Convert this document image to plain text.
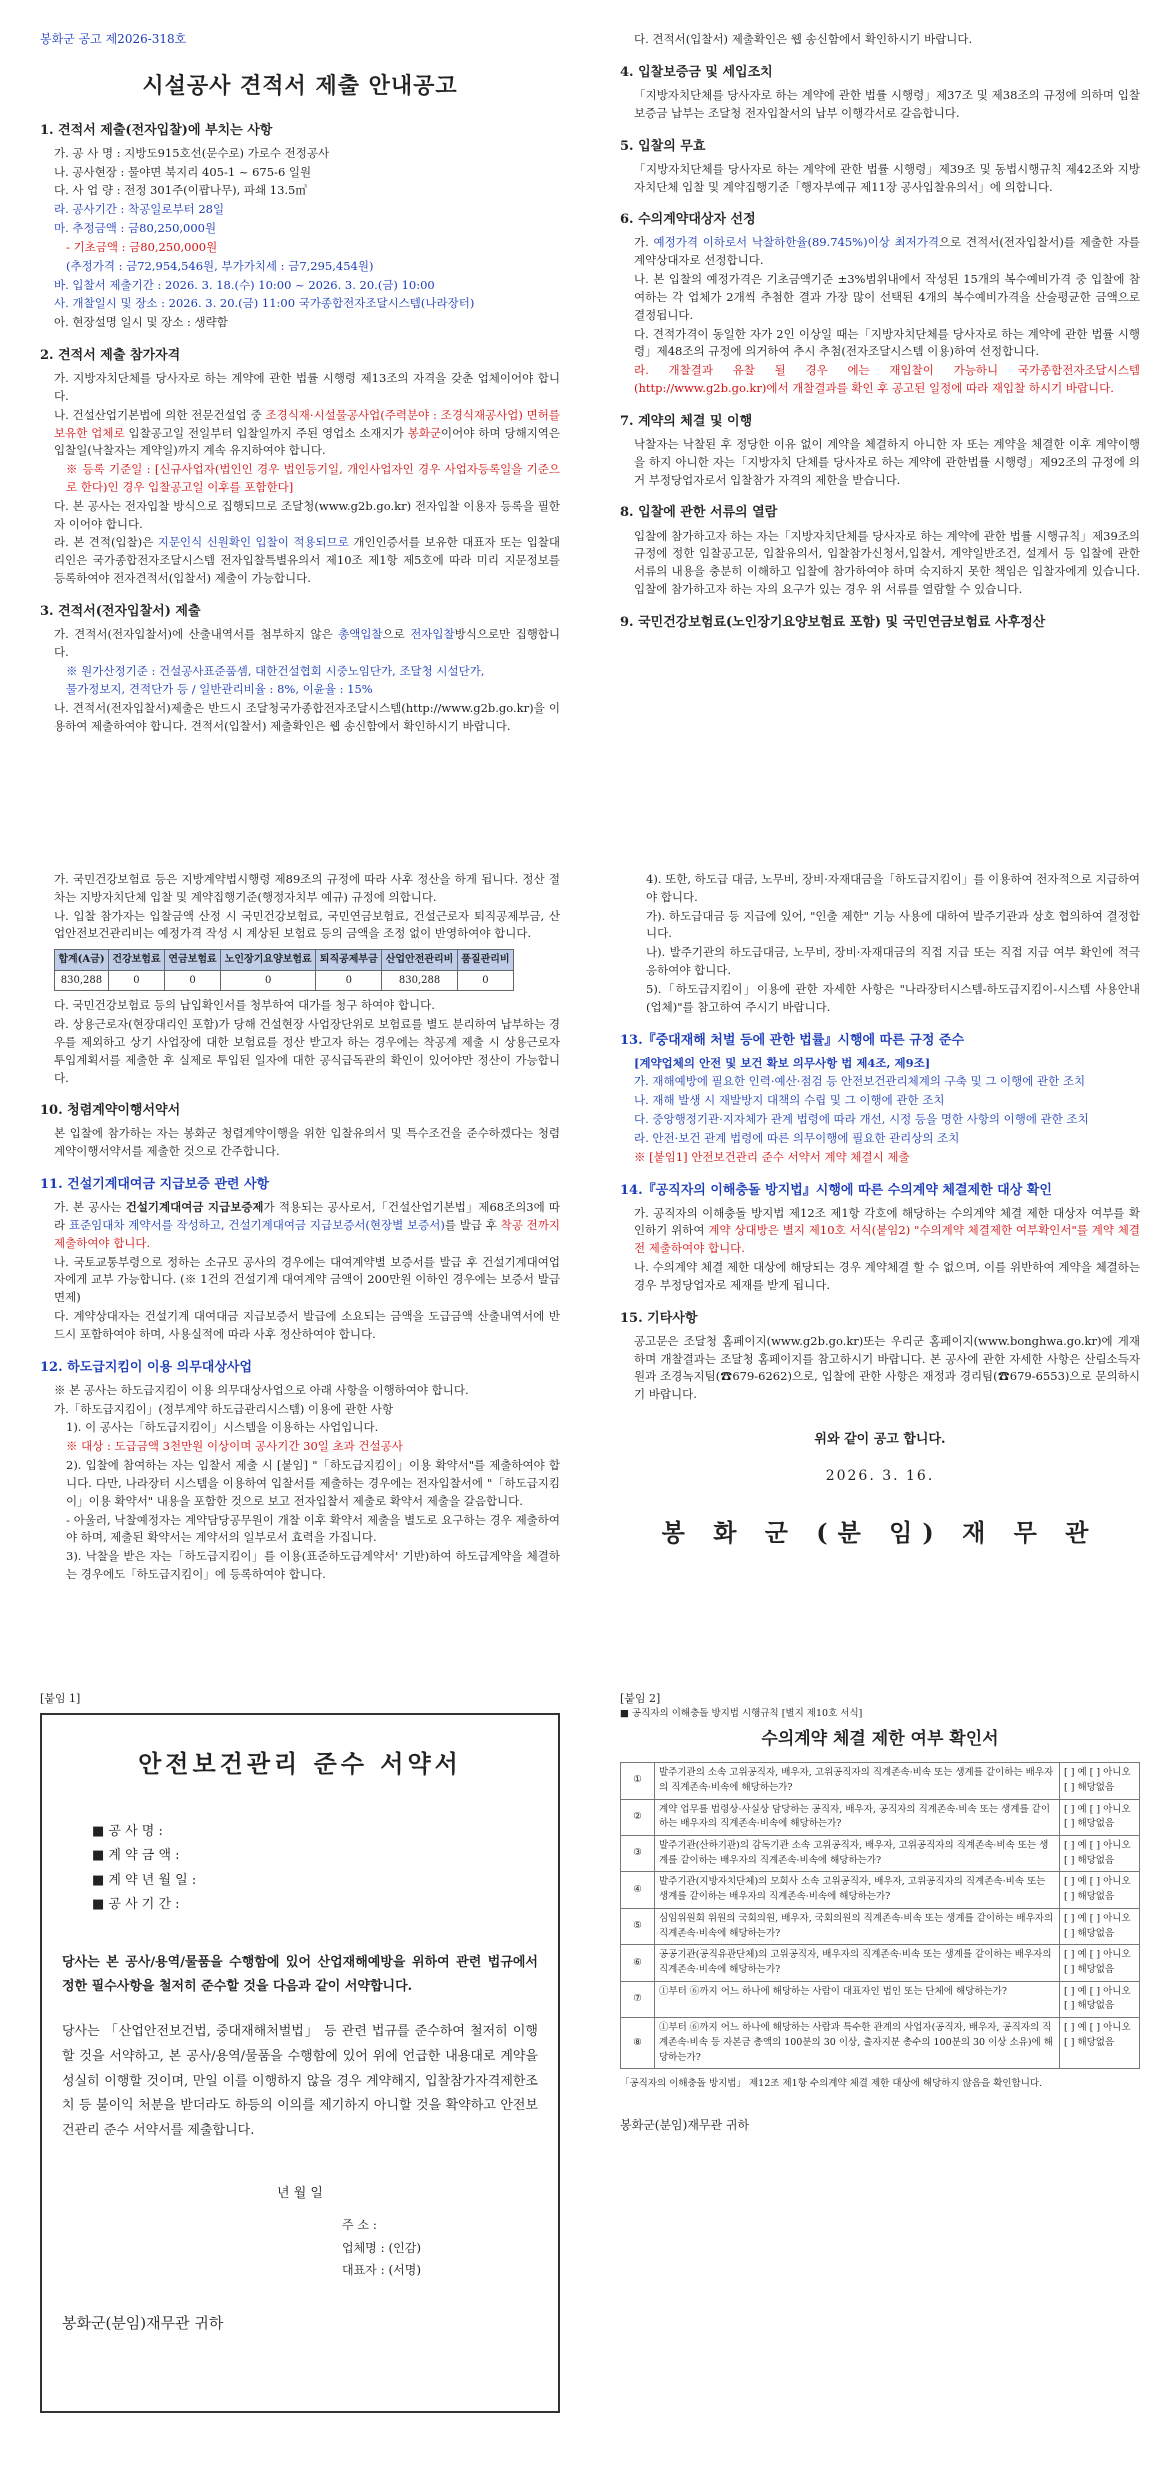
봉화군 공고 제2026-318호
시설공사 견적서 제출 안내공고
1. 견적서 제출(전자입찰)에 부치는 사항

가. 공 사 명 : 지방도915호선(문수로) 가로수 전정공사

나. 공사현장 : 물야면 북지리 405-1 ~ 675-6 일원

다. 사 업 량 : 전정 301주(이팝나무), 파쇄 13.5㎥

라. 공사기간 : 착공일로부터 28일

마. 추정금액 : 금80,250,000원

- 기초금액 : 금80,250,000원

(추정가격 : 금72,954,546원, 부가가치세 : 금7,295,454원)

바. 입찰서 제출기간 : 2026. 3. 18.(수) 10:00 ~ 2026. 3. 20.(금) 10:00

사. 개찰일시 및 장소 : 2026. 3. 20.(금) 11:00 국가종합전자조달시스템(나라장터)

아. 현장설명 일시 및 장소 : 생략함

2. 견적서 제출 참가자격

가. 지방자치단체를 당사자로 하는 계약에 관한 법률 시행령 제13조의 자격을 갖춘 업체이어야 합니다.

나. 건설산업기본법에 의한 전문건설업 중 조경식재·시설물공사업(주력분야 : 조경식재공사업) 면허를 보유한 업체로 입찰공고일 전일부터 입찰일까지 주된 영업소 소재지가 봉화군이어야 하며 당해지역은 입찰일(낙찰자는 계약일)까지 계속 유지하여야 합니다.

※ 등록 기준일 : [신규사업자(법인인 경우 법인등기일, 개인사업자인 경우 사업자등록일을 기준으로 한다)인 경우 입찰공고일 이후를 포함한다]

다. 본 공사는 전자입찰 방식으로 집행되므로 조달청(www.g2b.go.kr) 전자입찰 이용자 등록을 필한 자 이어야 합니다.

라. 본 견적(입찰)은 지문인식 신원확인 입찰이 적용되므로 개인인증서를 보유한 대표자 또는 입찰대리인은 국가종합전자조달시스템 전자입찰특별유의서 제10조 제1항 제5호에 따라 미리 지문정보를 등록하여야 전자견적서(입찰서) 제출이 가능합니다.

3. 견적서(전자입찰서) 제출

가. 견적서(전자입찰서)에 산출내역서를 첨부하지 않은 총액입찰으로 전자입찰방식으로만 집행합니다.

※ 원가산정기준 : 건설공사표준품셈, 대한건설협회 시중노임단가, 조달청 시설단가,

물가정보지, 견적단가 등 / 일반관리비율 : 8%, 이윤율 : 15%

나. 견적서(전자입찰서)제출은 반드시 조달청국가종합전자조달시스템(http://www.g2b.go.kr)을 이용하여 제출하여야 합니다. 견적서(입찰서) 제출확인은 웹 송신함에서 확인하시기 바랍니다.

다. 견적서(입찰서) 제출확인은 웹 송신함에서 확인하시기 바랍니다.

4. 입찰보증금 및 세입조치

「지방자치단체를 당사자로 하는 계약에 관한 법률 시행령」제37조 및 제38조의 규정에 의하며 입찰보증금 납부는 조달청 전자입찰서의 납부 이행각서로 갈음합니다.

5. 입찰의 무효

「지방자치단체를 당사자로 하는 계약에 관한 법률 시행령」제39조 및 동법시행규칙 제42조와 지방자치단체 입찰 및 계약집행기준「행자부예규 제11장 공사입찰유의서」에 의합니다.

6. 수의계약대상자 선정

가. 예정가격 이하로서 낙찰하한율(89.745%)이상 최저가격으로 견적서(전자입찰서)를 제출한 자를 계약상대자로 선정합니다.

나. 본 입찰의 예정가격은 기초금액기준 ±3%범위내에서 작성된 15개의 복수예비가격 중 입찰에 참여하는 각 업체가 2개씩 추첨한 결과 가장 많이 선택된 4개의 복수예비가격을 산술평균한 금액으로 결정됩니다.

다. 견적가격이 동일한 자가 2인 이상일 때는「지방자치단체를 당사자로 하는 계약에 관한 법률 시행령」제48조의 규정에 의거하여 추시 추첨(전자조달시스템 이용)하여 선정합니다.

라. 개찰결과 유찰 될 경우 에는 재입찰이 가능하니 국가종합전자조달시스템(http://www.g2b.go.kr)에서 개찰결과를 확인 후 공고된 일정에 따라 재입찰 하시기 바랍니다.

7. 계약의 체결 및 이행

낙찰자는 낙찰된 후 정당한 이유 없이 계약을 체결하지 아니한 자 또는 계약을 체결한 이후 계약이행을 하지 아니한 자는「지방자치 단체를 당사자로 하는 계약에 관한법률 시행령」제92조의 규정에 의거 부정당업자로서 입찰참가 자격의 제한을 받습니다.

8. 입찰에 관한 서류의 열람

입찰에 참가하고자 하는 자는「지방자치단체를 당사자로 하는 계약에 관한 법률 시행규칙」제39조의 규정에 정한 입찰공고문, 입찰유의서, 입찰참가신청서,입찰서, 계약일반조건, 설계서 등 입찰에 관한 서류의 내용을 충분히 이해하고 입찰에 참가하여야 하며 숙지하지 못한 책임은 입찰자에게 있습니다. 입찰에 참가하고자 하는 자의 요구가 있는 경우 위 서류를 열람할 수 있습니다.

9. 국민건강보험료(노인장기요양보험료 포함) 및 국민연금보험료 사후정산

가. 국민건강보험료 등은 지방계약법시행령 제89조의 규정에 따라 사후 정산을 하게 됩니다. 정산 절차는 지방자치단체 입찰 및 계약집행기준(행정자치부 예규) 규정에 의합니다.

나. 입찰 참가자는 입찰금액 산정 시 국민건강보험료, 국민연금보험료, 건설근로자 퇴직공제부금, 산업안전보건관리비는 예정가격 작성 시 계상된 보험료 등의 금액을 조정 없이 반영하여야 합니다.

합계(A금)	건강보험료	연금보험료	노인장기요양보험료	퇴직공제부금	산업안전관리비	품질관리비
830,288	0	0	0	0	830,288	0

다. 국민건강보험료 등의 납입확인서를 청부하여 대가를 청구 하여야 합니다.

라. 상용근로자(현장대리인 포함)가 당해 건설현장 사업장단위로 보험료를 별도 분리하여 납부하는 경우를 제외하고 상기 사업장에 대한 보험료를 정산 받고자 하는 경우에는 착공계 제출 시 상용근로자 투입계획서를 제출한 후 실제로 투입된 일자에 대한 공식급독관의 확인이 있어야만 정산이 가능합니다.

10. 청렴계약이행서약서

본 입찰에 참가하는 자는 봉화군 청렴계약이행을 위한 입찰유의서 및 특수조건을 준수하겠다는 청렴계약이행서약서를 제출한 것으로 간주합니다.

11. 건설기계대여금 지급보증 관련 사항

가. 본 공사는 건설기계대여금 지급보증제가 적용되는 공사로서,「건설산업기본법」제68조의3에 따라 표준임대차 계약서를 작성하고, 건설기계대여금 지급보증서(현장별 보증서)를 발급 후 착공 전까지 제출하여야 합니다.

나. 국토교통부령으로 정하는 소규모 공사의 경우에는 대여계약별 보증서를 발급 후 건설기계대여업자에게 교부 가능합니다. (※ 1건의 건설기계 대여계약 금액이 200만원 이하인 경우에는 보증서 발급 면제)

다. 계약상대자는 건설기계 대여대금 지급보증서 발급에 소요되는 금액을 도급금액 산출내역서에 반드시 포함하여야 하며, 사용실적에 따라 사후 정산하여야 합니다.

12. 하도급지킴이 이용 의무대상사업

※ 본 공사는 하도급지킴이 이용 의무대상사업으로 아래 사항을 이행하여야 합니다.

가.「하도급지킴이」(정부계약 하도급관리시스템) 이용에 관한 사항

1). 이 공사는「하도급지킴이」시스템을 이용하는 사업입니다.

※ 대상 : 도급금액 3천만원 이상이며 공사기간 30일 초과 건설공사

2). 입찰에 참여하는 자는 입찰서 제출 시 [붙임] "「하도급지킴이」이용 확약서"를 제출하여야 합니다. 다만, 나라장터 시스템을 이용하여 입찰서를 제출하는 경우에는 전자입찰서에 "「하도급지킴이」이용 확약서" 내용을 포함한 것으로 보고 전자입찰서 제출로 확약서 제출을 갈음합니다.

- 아울러, 낙찰예정자는 계약담당공무원이 개찰 이후 확약서 제출을 별도로 요구하는 경우 제출하여야 하며, 제출된 확약서는 계약서의 일부로서 효력을 가집니다.

3). 낙찰을 받은 자는「하도급지킴이」를 이용(표준하도급계약서' 기반)하여 하도급계약을 체결하는 경우에도「하도급지킴이」에 등록하여야 합니다.

4). 또한, 하도급 대금, 노무비, 장비·자재대금을「하도급지킴이」를 이용하여 전자적으로 지급하여야 합니다.

가). 하도급대금 등 지급에 있어, "인출 제한" 기능 사용에 대하여 발주기관과 상호 협의하여 결정합니다.

나). 발주기관의 하도급대금, 노무비, 장비·자재대금의 직접 지급 또는 직접 지급 여부 확인에 적극 응하여야 합니다.

5).「하도급지킴이」이용에 관한 자세한 사항은 "나라장터시스템-하도급지킴이-시스템 사용안내(업체)"를 참고하여 주시기 바랍니다.

13.『중대재해 처벌 등에 관한 법률』시행에 따른 규정 준수

[계약업체의 안전 및 보건 확보 의무사항 법 제4조, 제9조]

가. 재해예방에 필요한 인력·예산·점검 등 안전보건관리체계의 구축 및 그 이행에 관한 조치

나. 재해 발생 시 재발방지 대책의 수립 및 그 이행에 관한 조치

다. 중앙행정기관·지자체가 관계 법령에 따라 개선, 시정 등을 명한 사항의 이행에 관한 조치

라. 안전·보건 관계 법령에 따른 의무이행에 필요한 관리상의 조치

※ [붙임1] 안전보건관리 준수 서약서 계약 체결시 제출

14.『공직자의 이해충돌 방지법』시행에 따른 수의계약 체결제한 대상 확인

가. 공직자의 이해충돌 방지법 제12조 제1항 각호에 해당하는 수의계약 체결 제한 대상자 여부를 확인하기 위하여 계약 상대방은 별지 제10호 서식(붙임2) "수의계약 체결제한 여부확인서"를 계약 체결 전 제출하여야 합니다.

나. 수의계약 체결 제한 대상에 해당되는 경우 계약체결 할 수 없으며, 이를 위반하여 계약을 체결하는 경우 부정당업자로 제재를 받게 됩니다.

15. 기타사항

공고문은 조달청 홈페이지(www.g2b.go.kr)또는 우리군 홈페이지(www.bonghwa.go.kr)에 게재하며 개찰결과는 조달청 홈페이지를 참고하시기 바랍니다. 본 공사에 관한 자세한 사항은 산림소득자원과 조경녹지팀(☎679-6262)으로, 입찰에 관한 사항은 재정과 경리팀(☎679-6553)으로 문의하시기 바랍니다.

위와 같이 공고 합니다.
2026. 3. 16.
봉 화 군 (분 임) 재 무 관
[붙임 1]
안전보건관리 준수 서약서
■ 공 사 명 :
■ 계 약 금 액 :
■ 계 약 년 월 일 :
■ 공 사 기 간 :
당사는 본 공사/용역/물품을 수행함에 있어 산업재해예방을 위하여 관련 법규에서 정한 필수사항을 철저히 준수할 것을 다음과 같이 서약합니다.
당사는 「산업안전보건법, 중대재해처벌법」 등 관련 법규를 준수하여 철저히 이행할 것을 서약하고, 본 공사/용역/물품을 수행함에 있어 위에 언급한 내용대로 계약을 성실히 이행할 것이며, 만일 이를 이행하지 않을 경우 계약해지, 입찰참가자격제한조치 등 불이익 처분을 받더라도 하등의 이의를 제기하지 아니할 것을 확약하고 안전보건관리 준수 서약서를 제출합니다.
년 월 일
주 소 :
업체명 : (인감)
대표자 : (서명)
봉화군(분임)재무관 귀하
[붙임 2]
■ 공직자의 이해충돌 방지법 시행규칙 [별지 제10호 서식]
수의계약 체결 제한 여부 확인서
①	발주기관의 소속 고위공직자, 배우자, 고위공직자의 직계존속·비속 또는 생계를 같이하는 배우자의 직계존속·비속에 해당하는가?	[ ] 예 [ ] 아니오
[ ] 해당없음

②	계약 업무를 법령상·사실상 담당하는 공직자, 배우자, 공직자의 직계존속·비속 또는 생계를 같이하는 배우자의 직계존속·비속에 해당하는가?	[ ] 예 [ ] 아니오
[ ] 해당없음

③	발주기관(산하기관)의 감독기관 소속 고위공직자, 배우자, 고위공직자의 직계존속·비속 또는 생계를 같이하는 배우자의 직계존속·비속에 해당하는가?	[ ] 예 [ ] 아니오
[ ] 해당없음

④	발주기관(지방자치단체)의 모회사 소속 고위공직자, 배우자, 고위공직자의 직계존속·비속 또는 생계를 같이하는 배우자의 직계존속·비속에 해당하는가?	[ ] 예 [ ] 아니오
[ ] 해당없음

⑤	심임위원회 위원의 국회의원, 배우자, 국회의원의 직계존속·비속 또는 생계를 같이하는 배우자의 직계존속·비속에 해당하는가?	[ ] 예 [ ] 아니오
[ ] 해당없음

⑥	공공기관(공직유관단체)의 고위공직자, 배우자의 직계존속·비속 또는 생계를 같이하는 배우자의 직계존속·비속에 해당하는가?	[ ] 예 [ ] 아니오
[ ] 해당없음

⑦	①부터 ⑥까지 어느 하나에 해당하는 사람이 대표자인 법인 또는 단체에 해당하는가?	[ ] 예 [ ] 아니오
[ ] 해당없음

⑧	①부터 ⑥까지 어느 하나에 해당하는 사람과 특수한 관계의 사업자(공직자, 배우자, 공직자의 직계존속·비속 등 자본금 총액의 100분의 30 이상, 출자지분 총수의 100분의 30 이상 소유)에 해당하는가?	[ ] 예 [ ] 아니오
[ ] 해당없음
「공직자의 이해충돌 방지법」 제12조 제1항 수의계약 체결 제한 대상에 해당하지 않음을 확인합니다.
봉화군(분임)재무관 귀하
